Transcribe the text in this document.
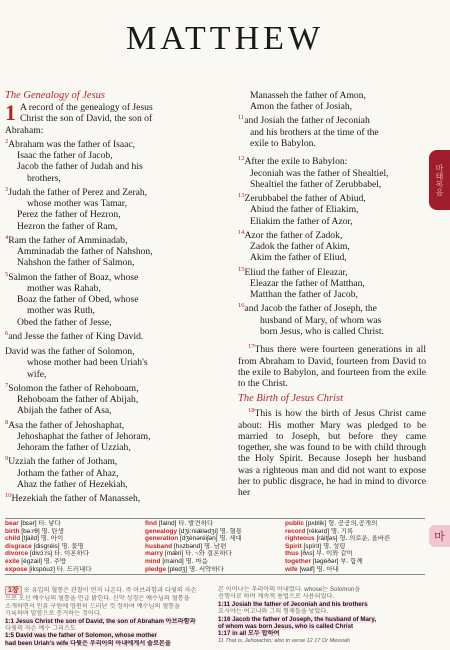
MATTHEW
The Genealogy of Jesus
1 A record of the genealogy of Jesus
Christ the son of David, the son of
Abraham:
$^2$Abraham was the father of Isaac,
Isaac the father of Jacob,
Jacob the father of Judah and his
brothers,
$^3$Judah the father of Perez and Zerah,
whose mother was Tamar,
Perez the father of Hezron,
Hezron the father of Ram,
$^4$Ram the father of Amminadab,
Amminadab the father of Nahshon,
Nahshon the father of Salmon,
$^5$Salmon the father of Boaz, whose
mother was Rahab,
Boaz the father of Obed, whose
mother was Ruth,
Obed the father of Jesse,
$^6$and Jesse the father of King David.
David was the father of Solomon,
whose mother had been Uriah's
wife,
$^7$Solomon the father of Rehoboam,
Rehoboam the father of Abijah,
Abijah the father of Asa,
$^8$Asa the father of Jehoshaphat,
Jehoshaphat the father of Jehoram,
Jehoram the father of Uzziah,
$^9$Uzziah the father of Jotham,
Jotham the father of Ahaz,
Ahaz the father of Hezekiah,
$^{10}$Hezekiah the father of Manasseh,
Manasseh the father of Amon,
Amon the father of Josiah,
$^{11}$and Josiah the father of Jeconiah
and his brothers at the time of the
exile to Babylon.
$^{12}$After the exile to Babylon:
Jeconiah was the father of Shealtiel,
Shealtiel the father of Zerubbabel,
$^{13}$Zerubbabel the father of Abiud,
Abiud the father of Eliakim,
Eliakim the father of Azor,
$^{14}$Azor the father of Zadok,
Zadok the father of Akim,
Akim the father of Eliud,
$^{15}$Eliud the father of Eleazar,
Eleazar the father of Matthan,
Matthan the father of Jacob,
$^{16}$and Jacob the father of Joseph, the
husband of Mary, of whom was
born Jesus, who is called Christ.
$^{17}$Thus there were fourteen generations in all from Abraham to David, fourteen from David to the exile to Babylon, and fourteen from the exile to the Christ.
The Birth of Jesus Christ
$^{18}$This is how the birth of Jesus Christ came about: His mother Mary was pledged to be married to Joseph, but before they came together, she was found to be with child through the Holy Spirit. Because Joseph her husband was a righteous man and did not want to expose her to public disgrace, he had in mind to divorce her
bear [bɛər] 타. 낳다	find [faind] 타. 발견하다	public [pʌ́blik] 형. 공공의,공개의
birth [bəːrθ] 명. 탄생	genealogy [dʒìːniǽlədʒi] 명. 혈통	record [rékərd] 명. 기록
child [tʃaild] 명. 아이	generation [dʒènəréiʃən] 명. 세대	righteous [ráitʃəs] 형. 의로운, 올바른
disgrace [disgréis] 명. 불명	husband [hʌ́zbənd] 명. 남편	Spirit [spírit] 명. 성령
divorce [divɔ́ːrs] 타. 이혼하다	marry [mǽri] 타. ~와 결혼하다	thus [ðʌs] 부. 이와 같이
exile [égzail] 명. 추방	mind [maind] 명. 마음	together [təgéðər] 부. 함께
expose [ikspóuz] 타. 드러내다	pledge [pledʒ] 명. 서약하다	wife [waif] 명. 아내
1장 ※ 유입의 혈통은 관찰이 먼저 나온다. 즉 아브라함과 다윗의 자손
으로 오신 예수님의 혈통을 언급 밝힌다. 신약 성경은 예수님의 혈통을
소개하면서 인류 구원에 영원히 드러난 것 정하여 예수님의 혈통을
기록하며 말씀으로 증거하는 것이다.
1:1 Jesus Christ the son of David, the son of Abraham 아브라함과
다윗의 자손 예수 그리스도
1:5 David was the father of Solomon, whose mother
had been Uriah's wife 다윗은 우리아의 아내에게서 솔로몬을
본 이어나는 우리아의 아내였다. whose는 Solomon을
선행사로 하며 계속적 용법으로 사용되었다.
1:11 Josiah the father of Jeconiah and his brothers
요시야는 여고냐와 그의 형제들을 낳았다.
1:16 Jacob the father of Joseph, the husband of Mary,
of whom was born Jesus, who is called Christ
1:17 in all 모두 합하여
11 That is, Jehoiachin; also in verse 12 17 Or Messiah
마태복음
마
